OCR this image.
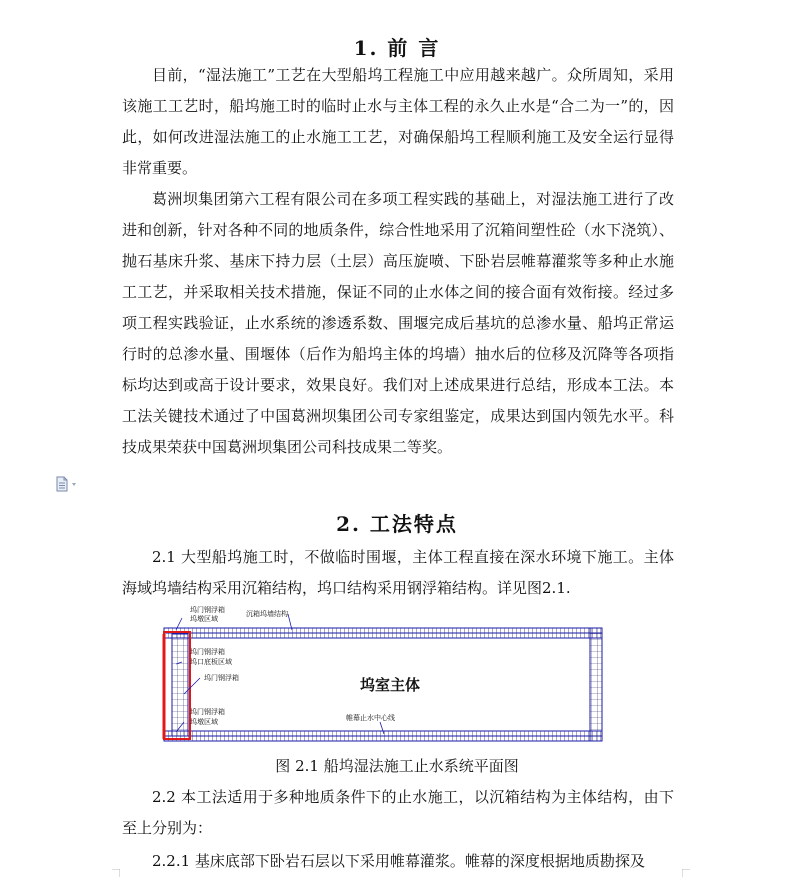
1. 前 言

目前，“湿法施工”工艺在大型船坞工程施工中应用越来越广。众所周知，采用该施工工艺时，船坞施工时的临时止水与主体工程的永久止水是“合二为一”的，因此，如何改进湿法施工的止水施工工艺，对确保船坞工程顺利施工及安全运行显得非常重要。

葛洲坝集团第六工程有限公司在多项工程实践的基础上，对湿法施工进行了改进和创新，针对各种不同的地质条件，综合性地采用了沉箱间塑性砼（水下浇筑）、抛石基床升浆、基床下持力层（土层）高压旋喷、下卧岩层帷幕灌浆等多种止水施工工艺，并采取相关技术措施，保证不同的止水体之间的接合面有效衔接。经过多项工程实践验证，止水系统的渗透系数、围堰完成后基坑的总渗水量、船坞正常运行时的总渗水量、围堰体（后作为船坞主体的坞墙）抽水后的位移及沉降等各项指标均达到或高于设计要求，效果良好。我们对上述成果进行总结，形成本工法。本工法关键技术通过了中国葛洲坝集团公司专家组鉴定，成果达到国内领先水平。科技成果荣获中国葛洲坝集团公司科技成果二等奖。

2. 工法特点

2.1 大型船坞施工时，不做临时围堰，主体工程直接在深水环境下施工。主体海域坞墙结构采用沉箱结构，坞口结构采用钢浮箱结构。详见图2.1.

坞门钢浮箱
坞墩区域
沉箱坞墙结构
坞门钢浮箱
坞口底板区域
坞门钢浮箱
坞门钢浮箱
坞墩区域
坞室主体
帷幕止水中心线
图 2.1 船坞湿法施工止水系统平面图

2.2 本工法适用于多种地质条件下的止水施工，以沉箱结构为主体结构，由下至上分别为：

2.2.1 基床底部下卧岩石层以下采用帷幕灌浆。帷幕的深度根据地质勘探及
